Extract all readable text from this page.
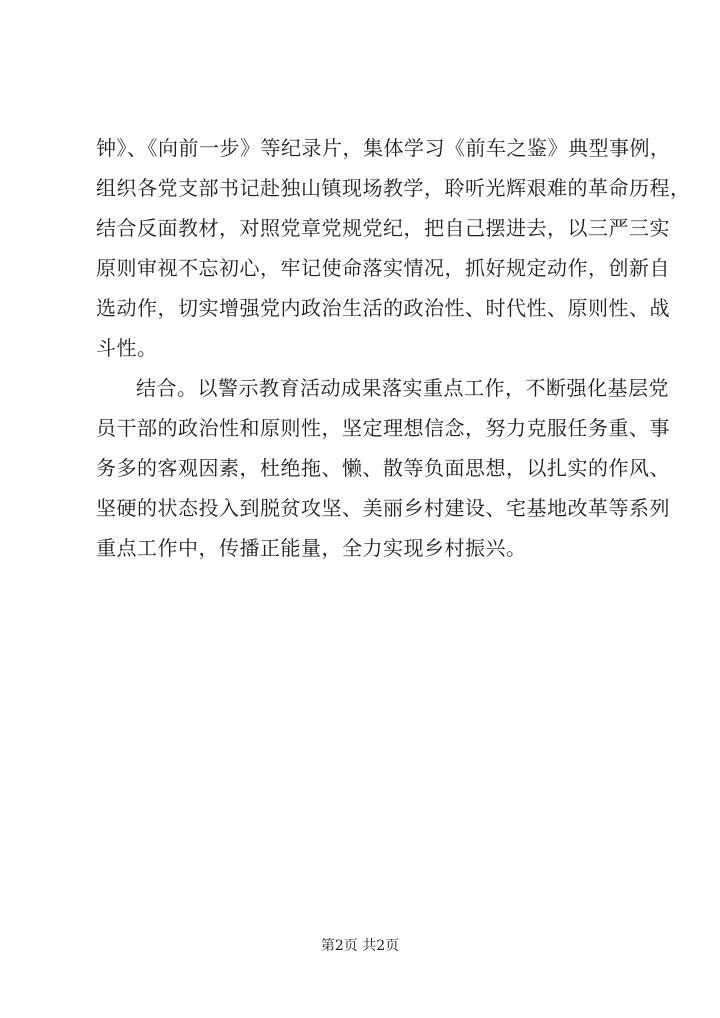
钟》、《向前一步》等纪录片，集体学习《前车之鉴》典型事例，
组织各党支部书记赴独山镇现场教学，聆听光辉艰难的革命历程，
结合反面教材，对照党章党规党纪，把自己摆进去，以三严三实
原则审视不忘初心，牢记使命落实情况，抓好规定动作，创新自
选动作，切实增强党内政治生活的政治性、时代性、原则性、战
斗性。
结合。以警示教育活动成果落实重点工作，不断强化基层党
员干部的政治性和原则性，坚定理想信念，努力克服任务重、事
务多的客观因素，杜绝拖、懒、散等负面思想，以扎实的作风、
坚硬的状态投入到脱贫攻坚、美丽乡村建设、宅基地改革等系列
重点工作中，传播正能量，全力实现乡村振兴。
第2页 共2页
